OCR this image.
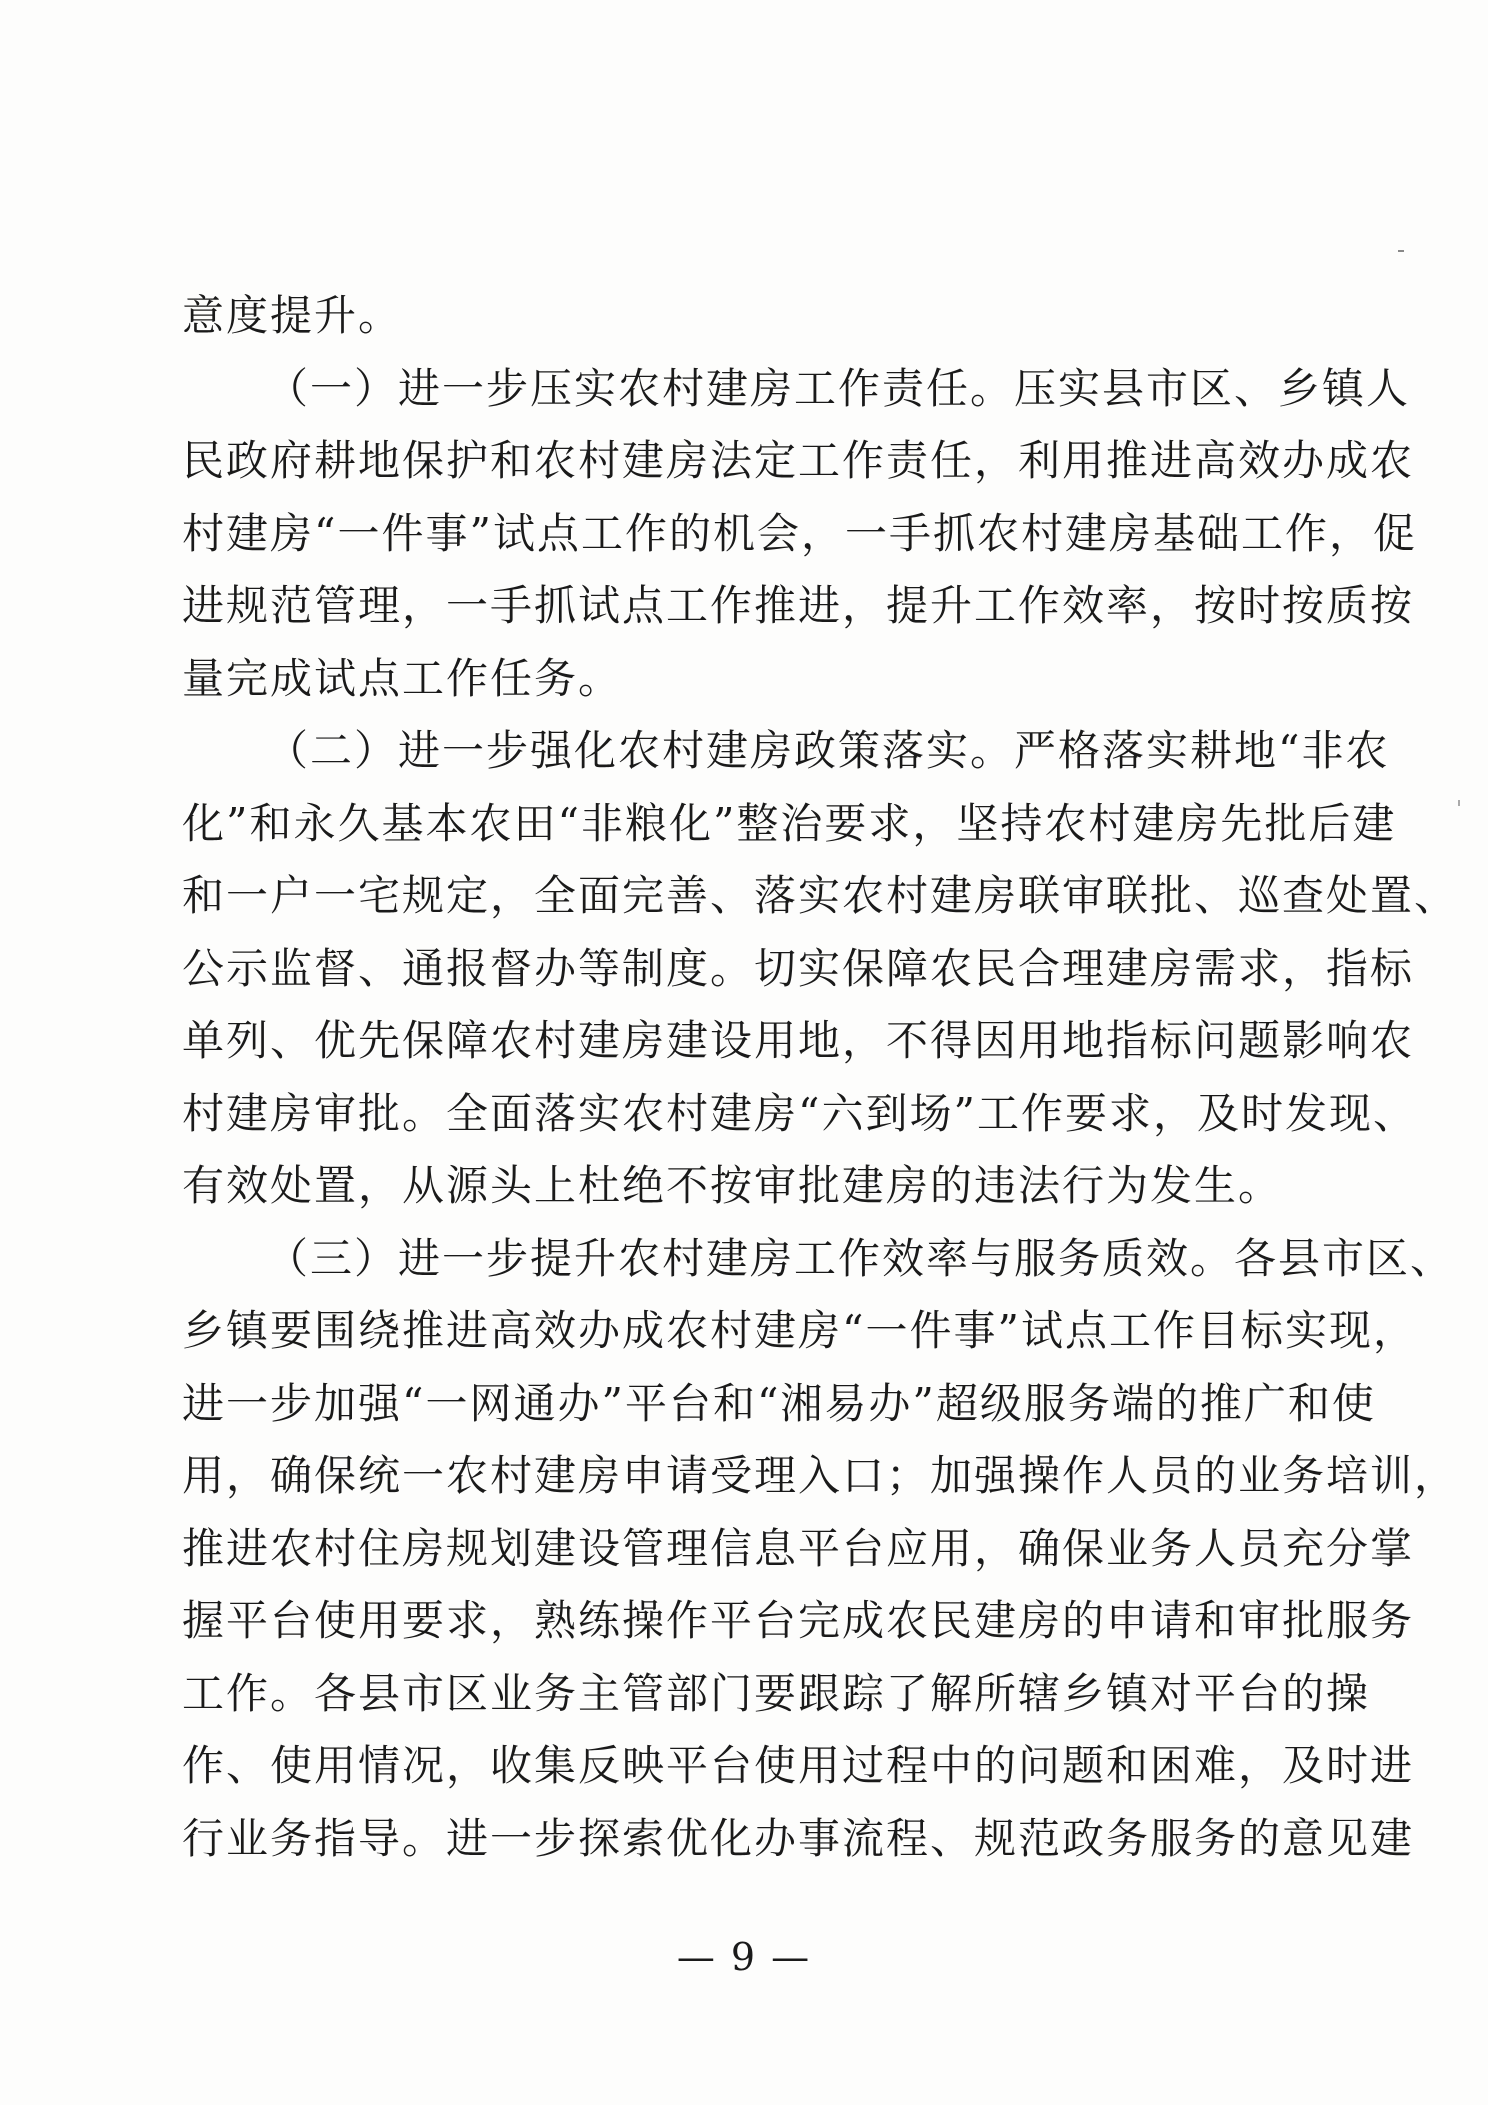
意度提升。
（一）进一步压实农村建房工作责任。压实县市区、乡镇人
民政府耕地保护和农村建房法定工作责任，利用推进高效办成农
村建房“一件事”试点工作的机会，一手抓农村建房基础工作，促
进规范管理，一手抓试点工作推进，提升工作效率，按时按质按
量完成试点工作任务。
（二）进一步强化农村建房政策落实。严格落实耕地“非农
化”和永久基本农田“非粮化”整治要求，坚持农村建房先批后建
和一户一宅规定，全面完善、落实农村建房联审联批、巡查处置、
公示监督、通报督办等制度。切实保障农民合理建房需求，指标
单列、优先保障农村建房建设用地，不得因用地指标问题影响农
村建房审批。全面落实农村建房“六到场”工作要求，及时发现、
有效处置，从源头上杜绝不按审批建房的违法行为发生。
（三）进一步提升农村建房工作效率与服务质效。各县市区、
乡镇要围绕推进高效办成农村建房“一件事”试点工作目标实现，
进一步加强“一网通办”平台和“湘易办”超级服务端的推广和使
用，确保统一农村建房申请受理入口；加强操作人员的业务培训，
推进农村住房规划建设管理信息平台应用，确保业务人员充分掌
握平台使用要求，熟练操作平台完成农民建房的申请和审批服务
工作。各县市区业务主管部门要跟踪了解所辖乡镇对平台的操
作、使用情况，收集反映平台使用过程中的问题和困难，及时进
行业务指导。进一步探索优化办事流程、规范政务服务的意见建
— 9 —
